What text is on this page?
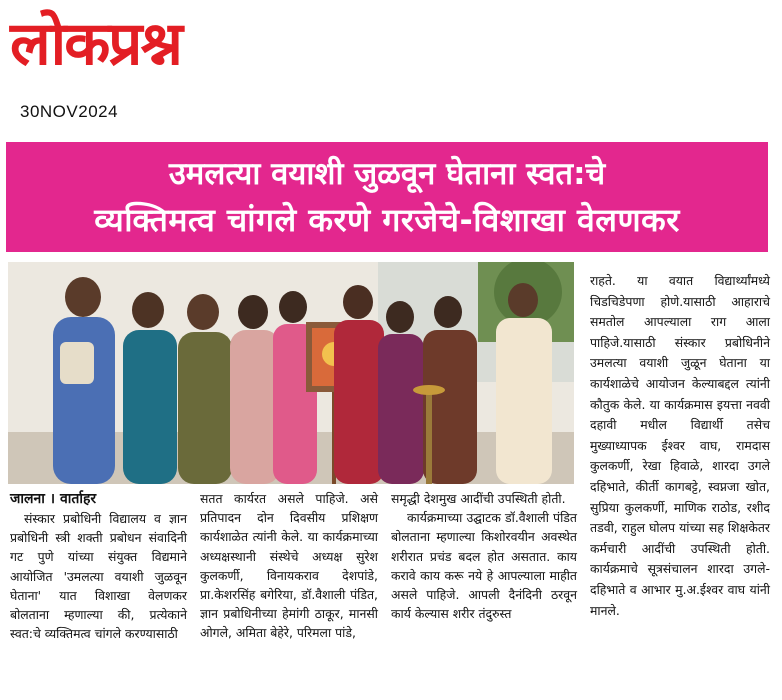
लोकप्रश्न
30NOV2024
उमलत्या वयाशी जुळवून घेताना स्वत:चे
व्यक्तिमत्व चांगले करणे गरजेचे-विशाखा वेलणकर
जालना । वार्ताहर

संस्कार प्रबोधिनी विद्यालय व ज्ञान प्रबोधिनी स्त्री शक्ती प्रबोधन संवादिनी गट पुणे यांच्या संयुक्त विद्यमाने आयोजित 'उमलत्या वयाशी जुळवून घेताना' यात विशाखा वेलणकर बोलताना म्हणाल्या की, प्रत्येकाने स्वत:चे व्यक्तिमत्व चांगले करण्यासाठी

सतत कार्यरत असले पाहिजे. असे प्रतिपादन दोन दिवसीय प्रशिक्षण कार्यशाळेत त्यांनी केले. या कार्यक्रमाच्या अध्यक्षस्थानी संस्थेचे अध्यक्ष सुरेश कुलकर्णी, विनायकराव देशपांडे, प्रा.केशरसिंह बगेरिया, डॉ.वैशाली पंडित, ज्ञान प्रबोधिनीच्या हेमांगी ठाकूर, मानसी ओगले, अमिता बेहेरे, परिमला पांडे,

समृद्धी देशमुख आदींची उपस्थिती होती.

कार्यक्रमाच्या उद्घाटक डॉ.वैशाली पंडित बोलताना म्हणाल्या किशोरवयीन अवस्थेत शरीरात प्रचंड बदल होत असतात. काय करावे काय करू नये हे आपल्याला माहीत असले पाहिजे. आपली दैनंदिनी ठरवून कार्य केल्यास शरीर तंदुरुस्त

राहते. या वयात विद्यार्थ्यांमध्ये चिडचिडेपणा होणे.यासाठी आहाराचे समतोल आपल्याला राग आला पाहिजे.यासाठी संस्कार प्रबोधिनीने उमलत्या वयाशी जुळून घेताना या कार्यशाळेचे आयोजन केल्याबद्दल त्यांनी कौतुक केले. या कार्यक्रमास इयत्ता नववी दहावी मधील विद्यार्थी तसेच मुख्याध्यापक ईश्वर वाघ, रामदास कुलकर्णी, रेखा हिवाळे, शारदा उगले दहिभाते, कीर्ती कागबट्टे, स्वप्नजा खोत, सुप्रिया कुलकर्णी, माणिक राठोड, रशीद तडवी, राहुल घोलप यांच्या सह शिक्षकेतर कर्मचारी आदींची उपस्थिती होती. कार्यक्रमाचे सूत्रसंचालन शारदा उगले- दहिभाते व आभार मु.अ.ईश्वर वाघ यांनी मानले.
